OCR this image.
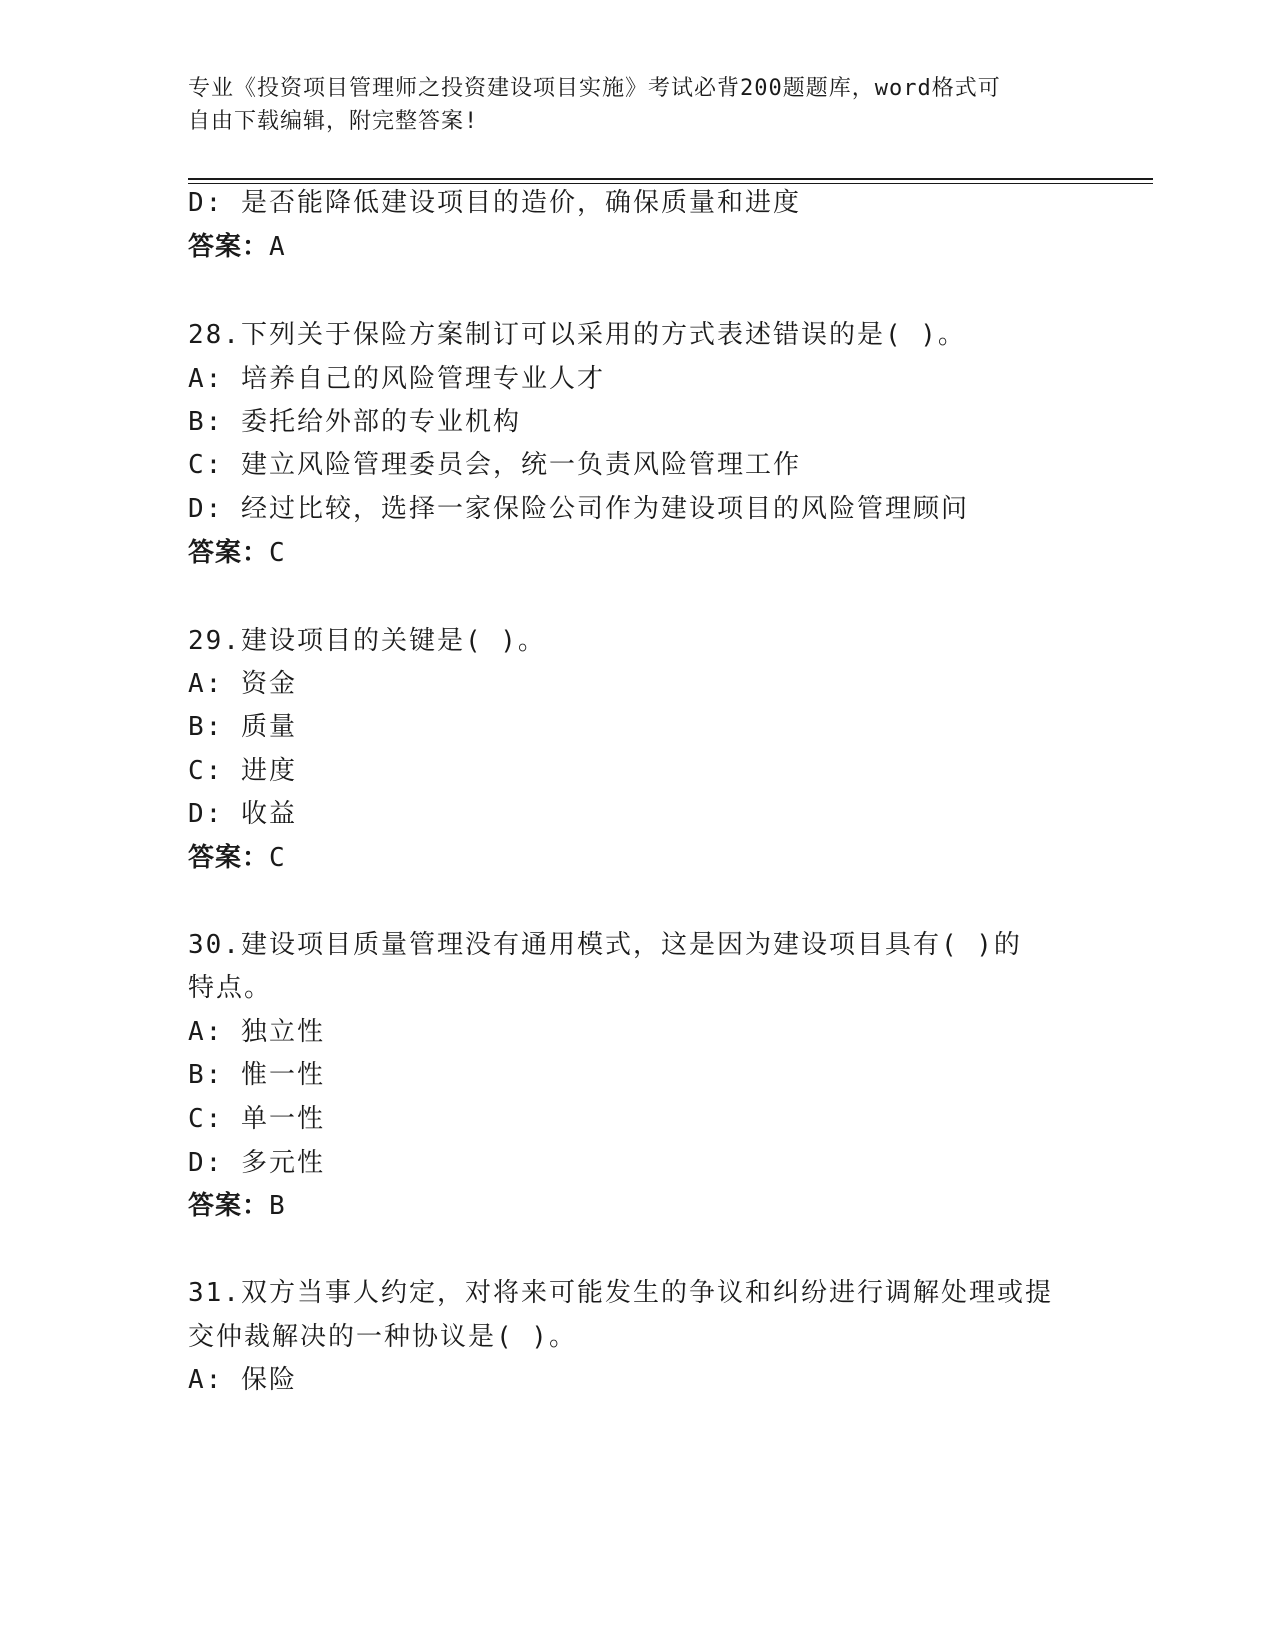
专业《投资项目管理师之投资建设项目实施》考试必背200题题库，word格式可
自由下载编辑，附完整答案!
D: 是否能降低建设项目的造价，确保质量和进度
答案：A
28.下列关于保险方案制订可以采用的方式表述错误的是( )。
A: 培养自己的风险管理专业人才
B: 委托给外部的专业机构
C: 建立风险管理委员会，统一负责风险管理工作
D: 经过比较，选择一家保险公司作为建设项目的风险管理顾问
答案：C
29.建设项目的关键是( )。
A: 资金
B: 质量
C: 进度
D: 收益
答案：C
30.建设项目质量管理没有通用模式，这是因为建设项目具有( )的
特点。
A: 独立性
B: 惟一性
C: 单一性
D: 多元性
答案：B
31.双方当事人约定，对将来可能发生的争议和纠纷进行调解处理或提
交仲裁解决的一种协议是( )。
A: 保险
